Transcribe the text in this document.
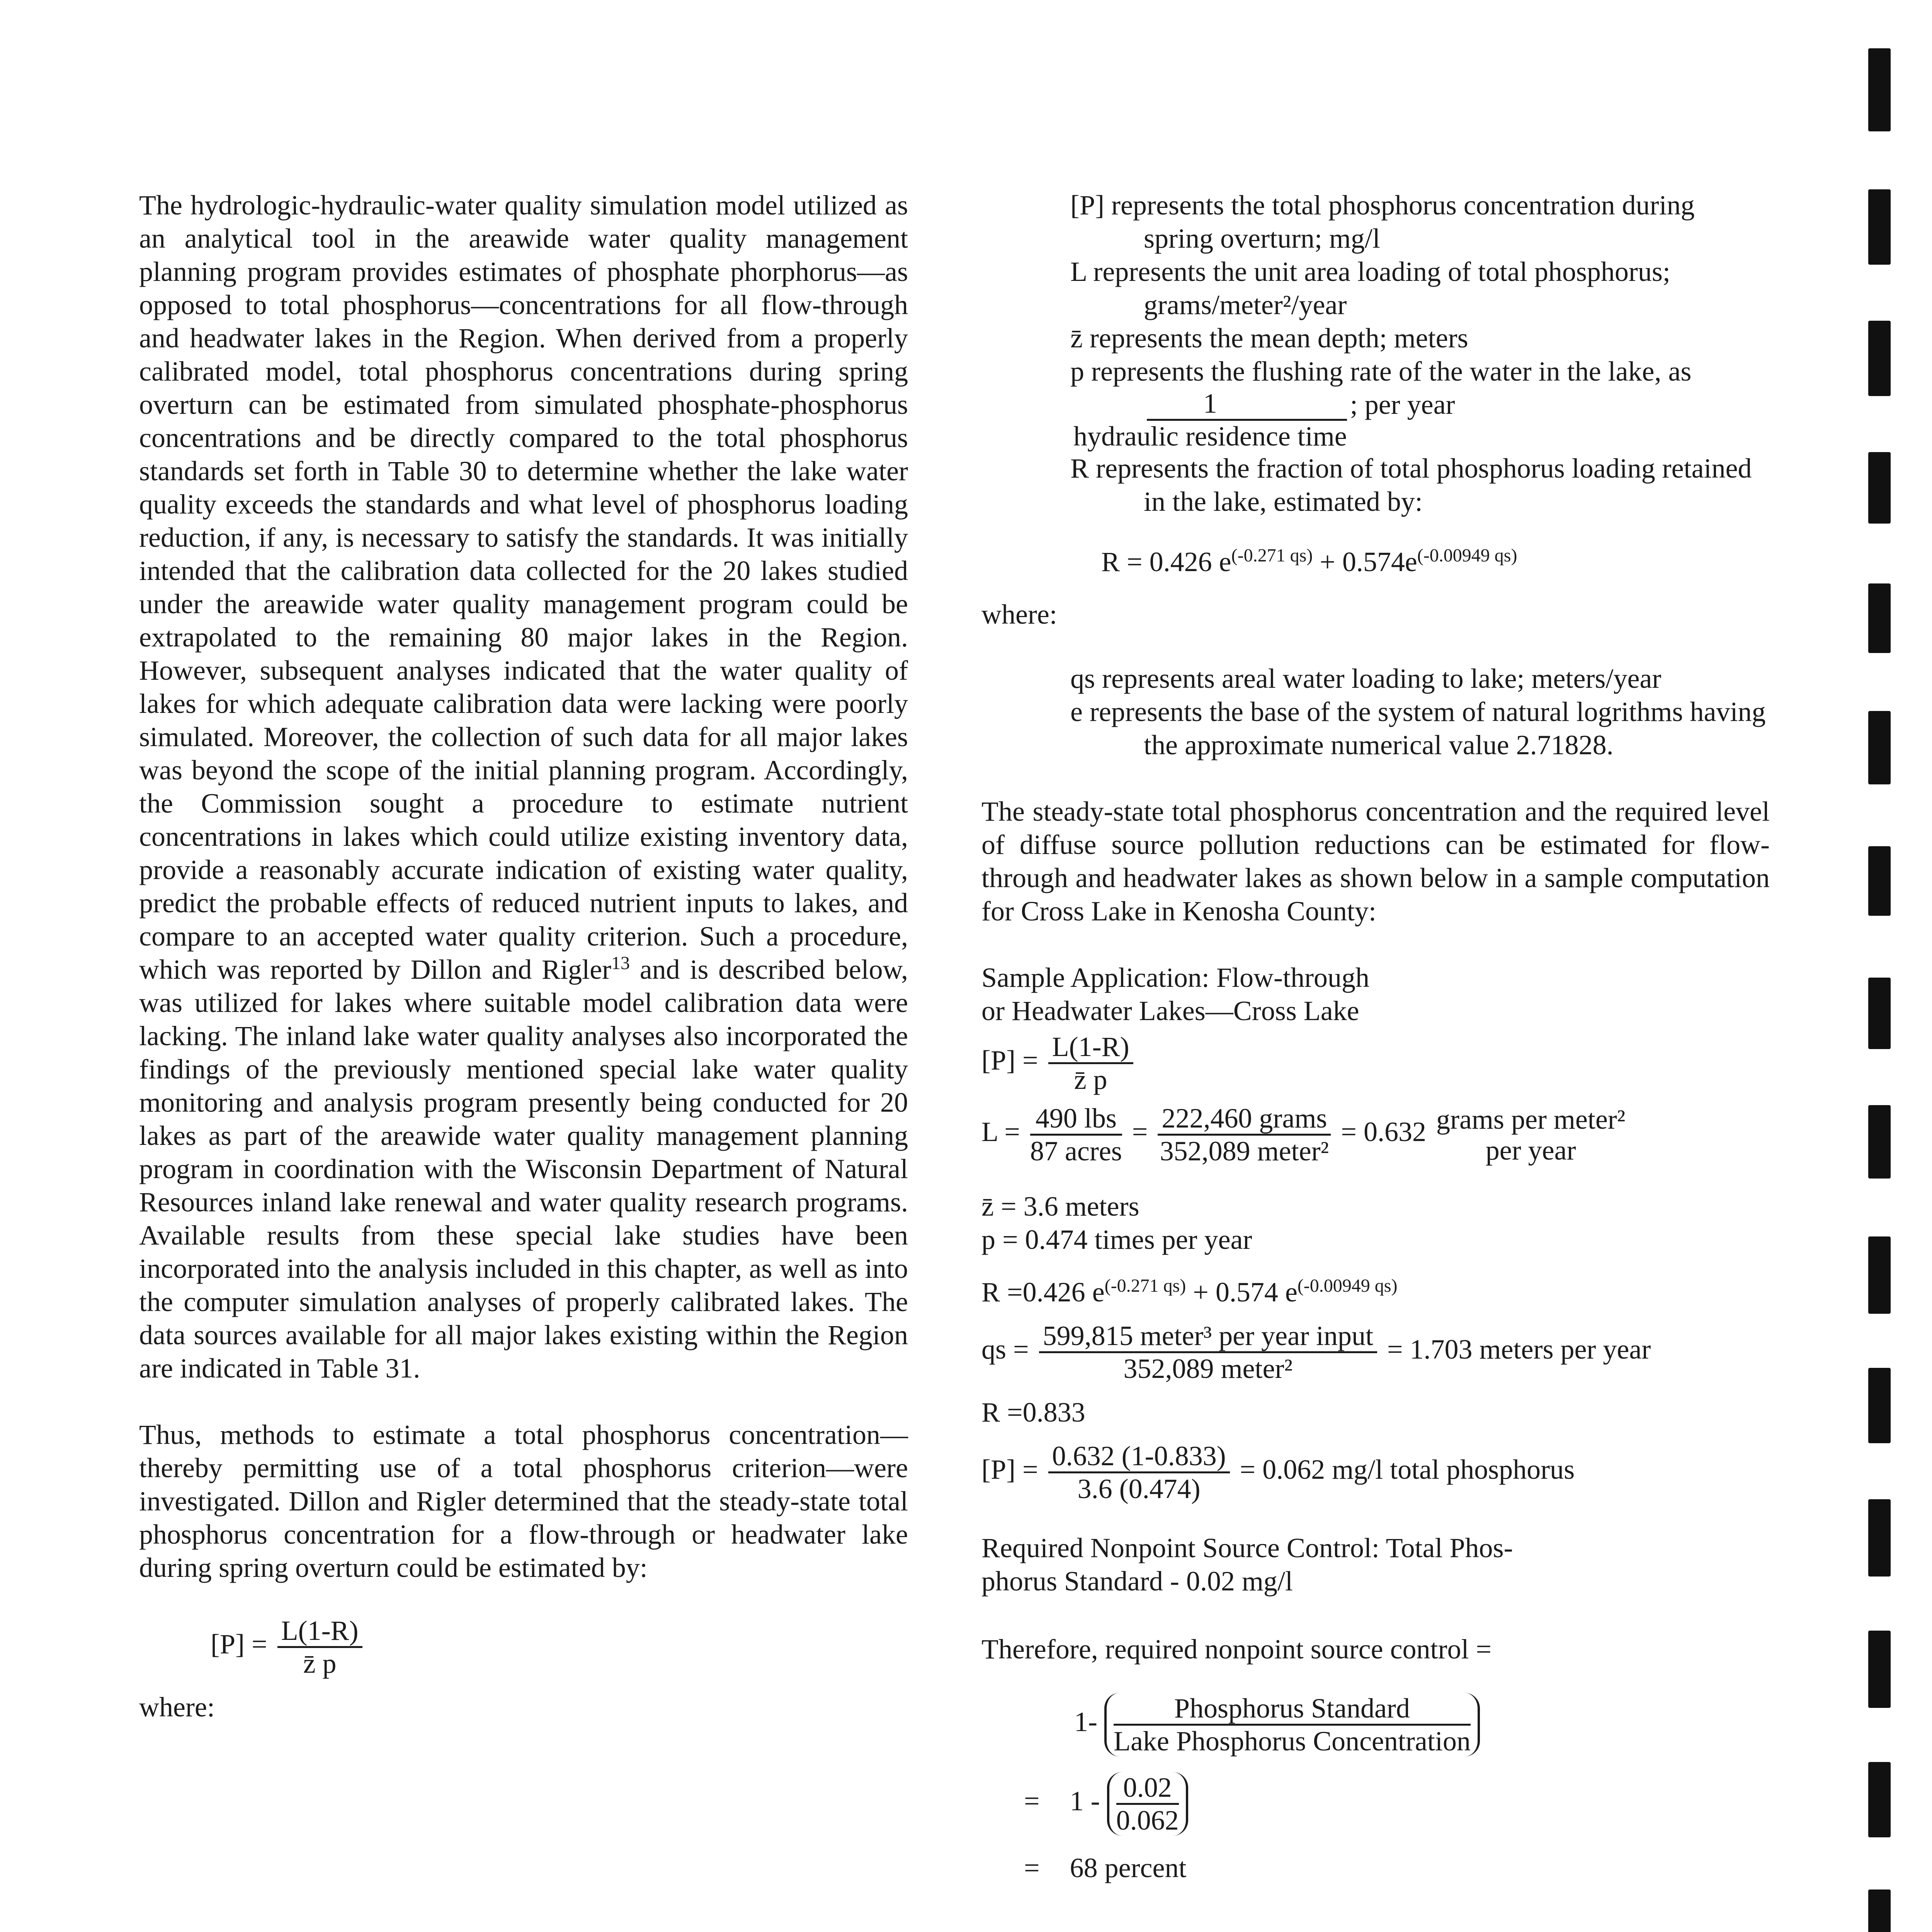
The hydrologic-hydraulic-water quality simulation model utilized as an analytical tool in the areawide water quality management planning program provides estimates of phosphate phorphorus—as opposed to total phosphorus—concentrations for all flow-through and headwater lakes in the Region. When derived from a properly calibrated model, total phosphorus concentrations during spring overturn can be estimated from simulated phosphate-phosphorus concentrations and be directly compared to the total phosphorus standards set forth in Table 30 to determine whether the lake water quality exceeds the standards and what level of phosphorus loading reduction, if any, is necessary to satisfy the standards. It was initially intended that the calibration data collected for the 20 lakes studied under the areawide water quality management program could be extrapolated to the remaining 80 major lakes in the Region. However, subsequent analyses indicated that the water quality of lakes for which adequate calibration data were lacking were poorly simulated. Moreover, the collection of such data for all major lakes was beyond the scope of the initial planning program. Accordingly, the Commission sought a procedure to estimate nutrient concentrations in lakes which could utilize existing inventory data, provide a reasonably accurate indication of existing water quality, predict the probable effects of reduced nutrient inputs to lakes, and compare to an accepted water quality criterion. Such a procedure, which was reported by Dillon and Rigler$^{13}$ and is described below, was utilized for lakes where suitable model calibration data were lacking. The inland lake water quality analyses also incorporated the findings of the previously mentioned special lake water quality monitoring and analysis program presently being conducted for 20 lakes as part of the areawide water quality management planning program in coordination with the Wisconsin Department of Natural Resources inland lake renewal and water quality research programs. Available results from these special lake studies have been incorporated into the analysis included in this chapter, as well as into the computer simulation analyses of properly calibrated lakes. The data sources available for all major lakes existing within the Region are indicated in Table 31.

Thus, methods to estimate a total phosphorus concentration—thereby permitting use of a total phosphorus criterion—were investigated. Dillon and Rigler determined that the steady-state total phosphorus concentration for a flow-through or headwater lake during spring overturn could be estimated by:

$[P] = \frac{L(1-R)}{z̄ p}$
where:
[P] represents the total phosphorus concentration during spring overturn; mg/l
L represents the unit area loading of total phosphorus; grams/meter²/year
z̄ represents the mean depth; meters
p represents the flushing rate of the water in the lake, as
$\frac{1}{\text{hydraulic residence time}}$ ; per year
R represents the fraction of total phosphorus loading retained in the lake, estimated by:
R = 0.426 $e^{(-0.271 qs)} + 0.574e^{(-0.00949 qs)}$
where:
qs represents areal water loading to lake; meters/year
e represents the base of the system of natural logrithms having the approximate numerical value 2.71828.

The steady-state total phosphorus concentration and the required level of diffuse source pollution reductions can be estimated for flow-through and headwater lakes as shown below in a sample computation for Cross Lake in Kenosha County:

Sample Application: Flow-through
or Headwater Lakes—Cross Lake
$[P] = \frac{L(1-R)}{z̄ p}$
$L = \frac{\text{490 lbs}}{\text{87 acres}} = \frac{\text{222,460 grams}}{\text{352,089 meter²}} = 0.632$ grams per meter²
per year
z̄ = 3.6 meters
p = 0.474 times per year
R =0.426 $e^{(-0.271 qs)} + 0.574$ $e^{(-0.00949 qs)}$
qs = $\frac{\text{599,815 meter³ per year input}}{\text{352,089 meter²}} = 1.703$ meters per year
R =0.833
$[P] = \frac{0.632 (1-0.833)}{3.6 (0.474)} = 0.062$ mg/l total phosphorus
Required Nonpoint Source Control: Total Phos-
phorus Standard - 0.02 mg/l
Therefore, required nonpoint source control =
$1- \frac{\text{Phosphorus Standard}}{\text{Lake Phosphorus Concentration}}$
= $1 - \frac{0.02}{0.062}$
= 68 percent
